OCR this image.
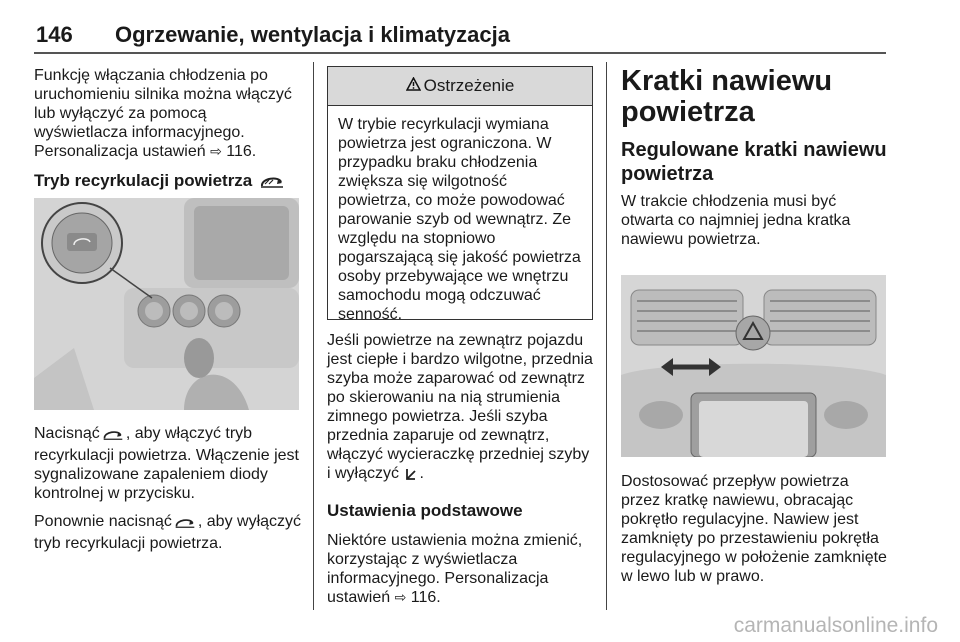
146 Ogrzewanie, wentylacja i klimatyzacja

Funkcję włączania chłodzenia po
uruchomieniu silnika można włączyć
lub wyłączyć za pomocą
wyświetlacza informacyjnego.
Personalizacja ustawień ⇨ 116.

Tryb recyrkulacji powietrza

Nacisnąć , aby włączyć tryb recyrkulacji powietrza. Włączenie jest sygnalizowane zapaleniem diody kontrolnej w przycisku.

Ponownie nacisnąć , aby wyłączyć tryb recyrkulacji powietrza.

Ostrzeżenie
W trybie recyrkulacji wymiana
powietrza jest ograniczona. W
przypadku braku chłodzenia
zwiększa się wilgotność
powietrza, co może powodować
parowanie szyb od wewnątrz. Ze
względu na stopniowo
pogarszającą się jakość powietrza
osoby przebywające we wnętrzu
samochodu mogą odczuwać
senność.

Jeśli powietrze na zewnątrz pojazdu
jest ciepłe i bardzo wilgotne, przednia
szyba może zaparować od zewnątrz
po skierowaniu na nią strumienia
zimnego powietrza. Jeśli szyba
przednia zaparuje od zewnątrz,
włączyć wycieraczkę przedniej szyby
i wyłączyć .

Ustawienia podstawowe

Niektóre ustawienia można zmienić,
korzystając z wyświetlacza
informacyjnego. Personalizacja
ustawień ⇨ 116.

Kratki nawiewu
powietrza
Regulowane kratki nawiewu
powietrza

W trakcie chłodzenia musi być
otwarta co najmniej jedna kratka
nawiewu powietrza.

Dostosować przepływ powietrza
przez kratkę nawiewu, obracając
pokrętło regulacyjne. Nawiew jest
zamknięty po przestawieniu pokrętła
regulacyjnego w położenie zamknięte
w lewo lub w prawo.

carmanualsonline.info
